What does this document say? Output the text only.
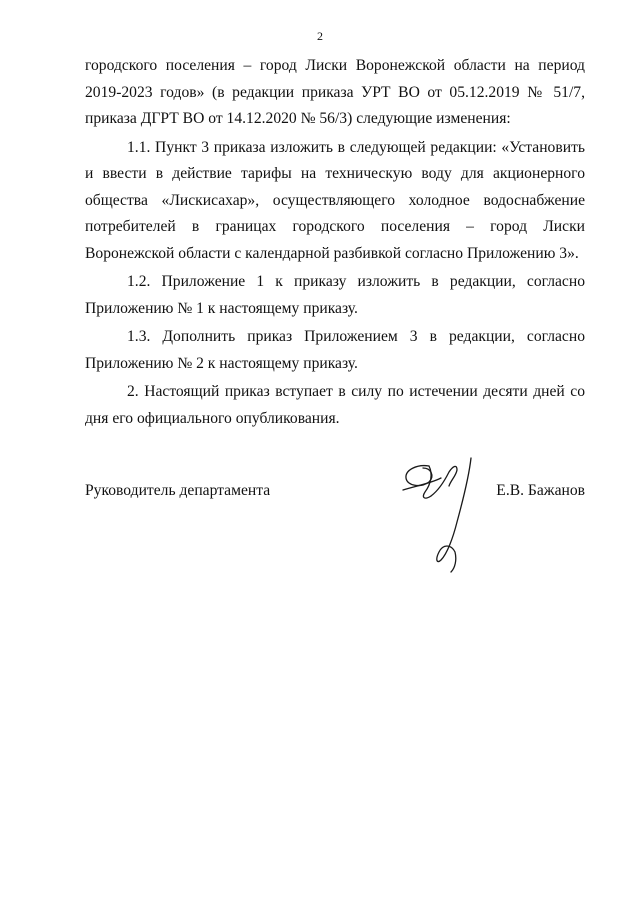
2

городского поселения – город Лиски Воронежской области на период 2019-2023 годов» (в редакции приказа УРТ ВО от 05.12.2019 № 51/7, приказа ДГРТ ВО от 14.12.2020 № 56/3) следующие изменения:

1.1. Пункт 3 приказа изложить в следующей редакции: «Установить и ввести в действие тарифы на техническую воду для акционерного общества «Лискисахар», осуществляющего холодное водоснабжение потребителей в границах городского поселения – город Лиски Воронежской области с календарной разбивкой согласно Приложению 3».

1.2. Приложение 1 к приказу изложить в редакции, согласно Приложению № 1 к настоящему приказу.

1.3. Дополнить приказ Приложением 3 в редакции, согласно Приложению № 2 к настоящему приказу.

2. Настоящий приказ вступает в силу по истечении десяти дней со дня его официального опубликования.

Руководитель департамента	Е.В. Бажанов
